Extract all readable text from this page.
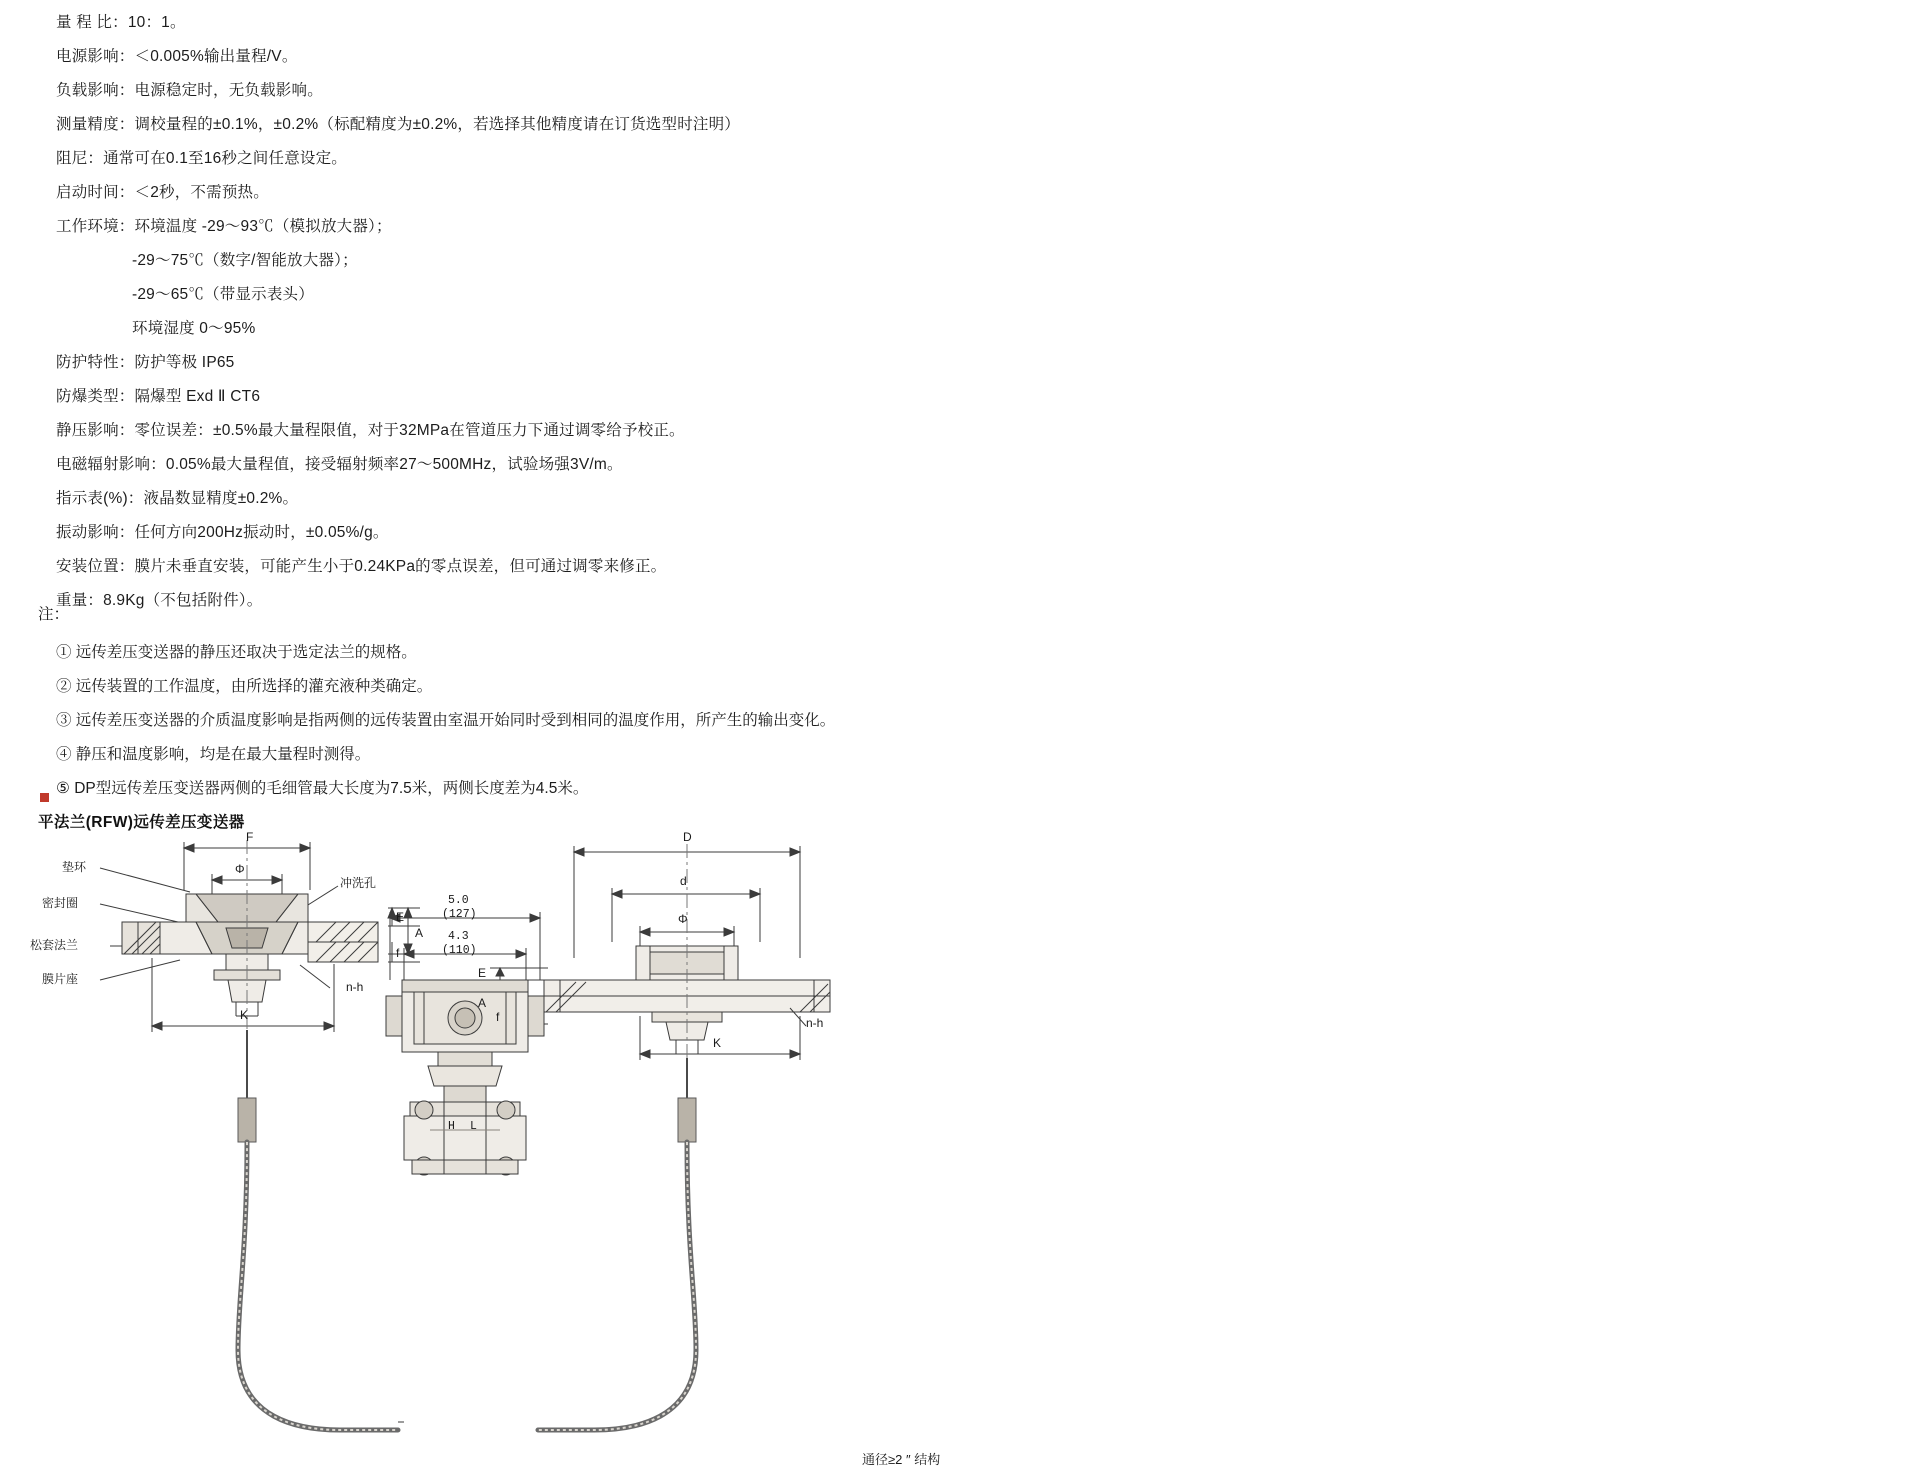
量 程 比：10：1。
电源影响：＜0.005%输出量程/V。
负载影响：电源稳定时，无负载影响。
测量精度：调校量程的±0.1%，±0.2%（标配精度为±0.2%，若选择其他精度请在订货选型时注明）
阻尼：通常可在0.1至16秒之间任意设定。
启动时间：＜2秒，不需预热。
工作环境：环境温度 -29～93℃（模拟放大器）；
-29～75℃（数字/智能放大器）；
-29～65℃（带显示表头）
环境湿度 0～95%
防护特性：防护等极 IP65
防爆类型：隔爆型 Exd Ⅱ CT6
静压影响：零位误差：±0.5%最大量程限值，对于32MPa在管道压力下通过调零给予校正。
电磁辐射影响：0.05%最大量程值，接受辐射频率27～500MHz，试验场强3V/m。
指示表(%)：液晶数显精度±0.2%。
振动影响：任何方向200Hz振动时，±0.05%/g。
安装位置：膜片未垂直安装，可能产生小于0.24KPa的零点误差，但可通过调零来修正。
重量：8.9Kg（不包括附件）。
注：
① 远传差压变送器的静压还取决于选定法兰的规格。
② 远传装置的工作温度，由所选择的灌充液种类确定。
③ 远传差压变送器的介质温度影响是指两侧的远传装置由室温开始同时受到相同的温度作用，所产生的输出变化。
④ 静压和温度影响，均是在最大量程时测得。
⑤ DP型远传差压变送器两侧的毛细管最大长度为7.5米，两侧长度差为4.5米。
平法兰(RFW)远传差压变送器
垫环
密封圈
松套法兰
膜片座
冲洗孔
F
Φ
E
A
f
K
n-h
D
d
Φ
E
A
f
K
n-h
5.0
(127)
4.3
(110)
H L
通径≥2 ″ 结构
